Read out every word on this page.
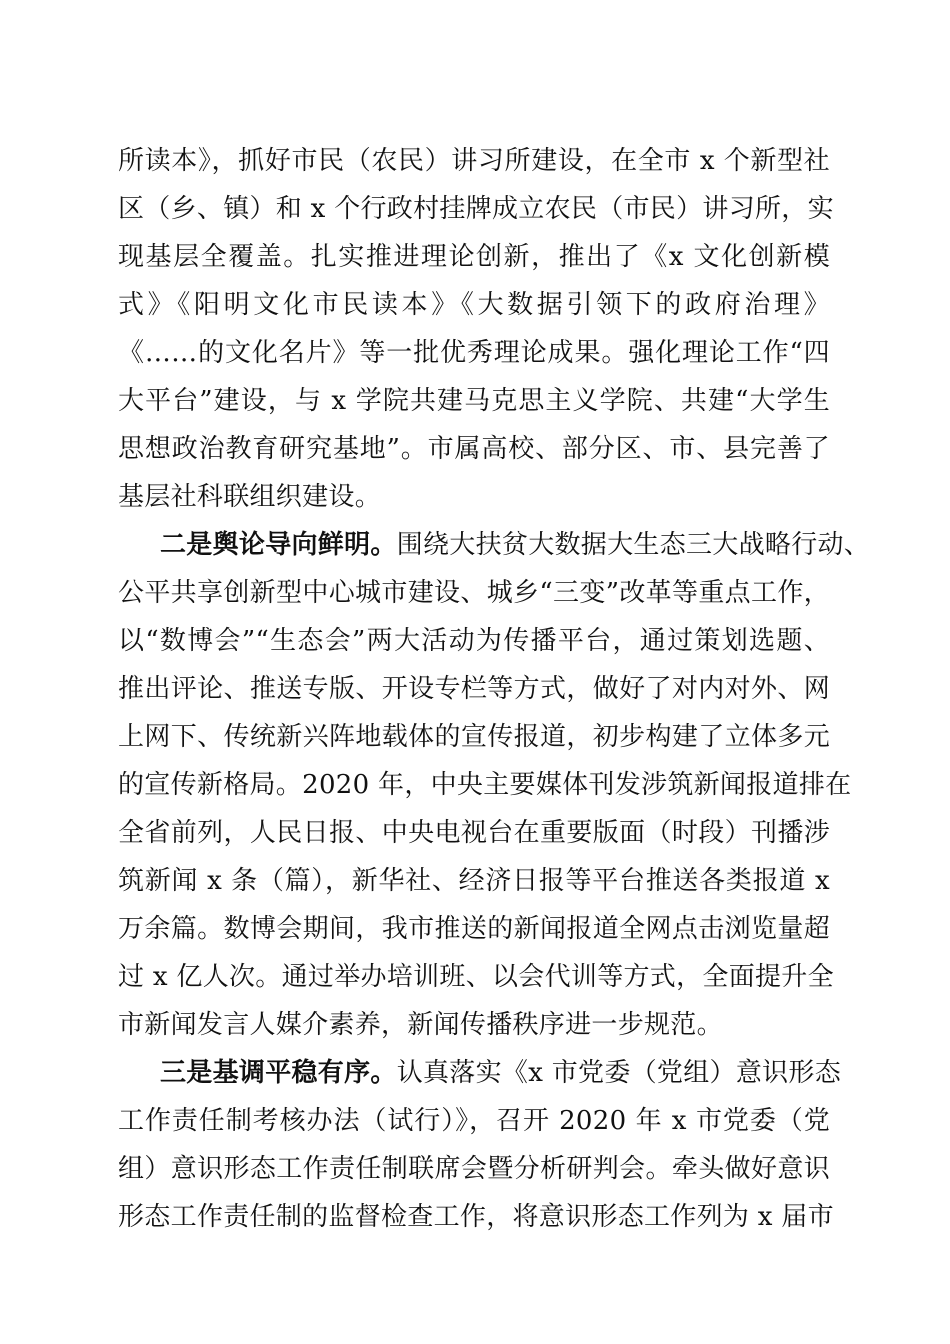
所读本》，抓好市民（农民）讲习所建设，在全市 x 个新型社
区（乡、镇）和 x 个行政村挂牌成立农民（市民）讲习所，实
现基层全覆盖。扎实推进理论创新，推出了《x 文化创新模
式》《阳明文化市民读本》《大数据引领下的政府治理》
《……的文化名片》等一批优秀理论成果。强化理论工作“四
大平台”建设，与 x 学院共建马克思主义学院、共建“大学生
思想政治教育研究基地”。市属高校、部分区、市、县完善了
基层社科联组织建设。
二是舆论导向鲜明。围绕大扶贫大数据大生态三大战略行动、
公平共享创新型中心城市建设、城乡“三变”改革等重点工作，
以“数博会”“生态会”两大活动为传播平台，通过策划选题、
推出评论、推送专版、开设专栏等方式，做好了对内对外、网
上网下、传统新兴阵地载体的宣传报道，初步构建了立体多元
的宣传新格局。2020 年，中央主要媒体刊发涉筑新闻报道排在
全省前列，人民日报、中央电视台在重要版面（时段）刊播涉
筑新闻 x 条（篇），新华社、经济日报等平台推送各类报道 x
万余篇。数博会期间，我市推送的新闻报道全网点击浏览量超
过 x 亿人次。通过举办培训班、以会代训等方式，全面提升全
市新闻发言人媒介素养，新闻传播秩序进一步规范。
三是基调平稳有序。认真落实《x 市党委（党组）意识形态
工作责任制考核办法（试行）》，召开 2020 年 x 市党委（党
组）意识形态工作责任制联席会暨分析研判会。牵头做好意识
形态工作责任制的监督检查工作，将意识形态工作列为 x 届市
